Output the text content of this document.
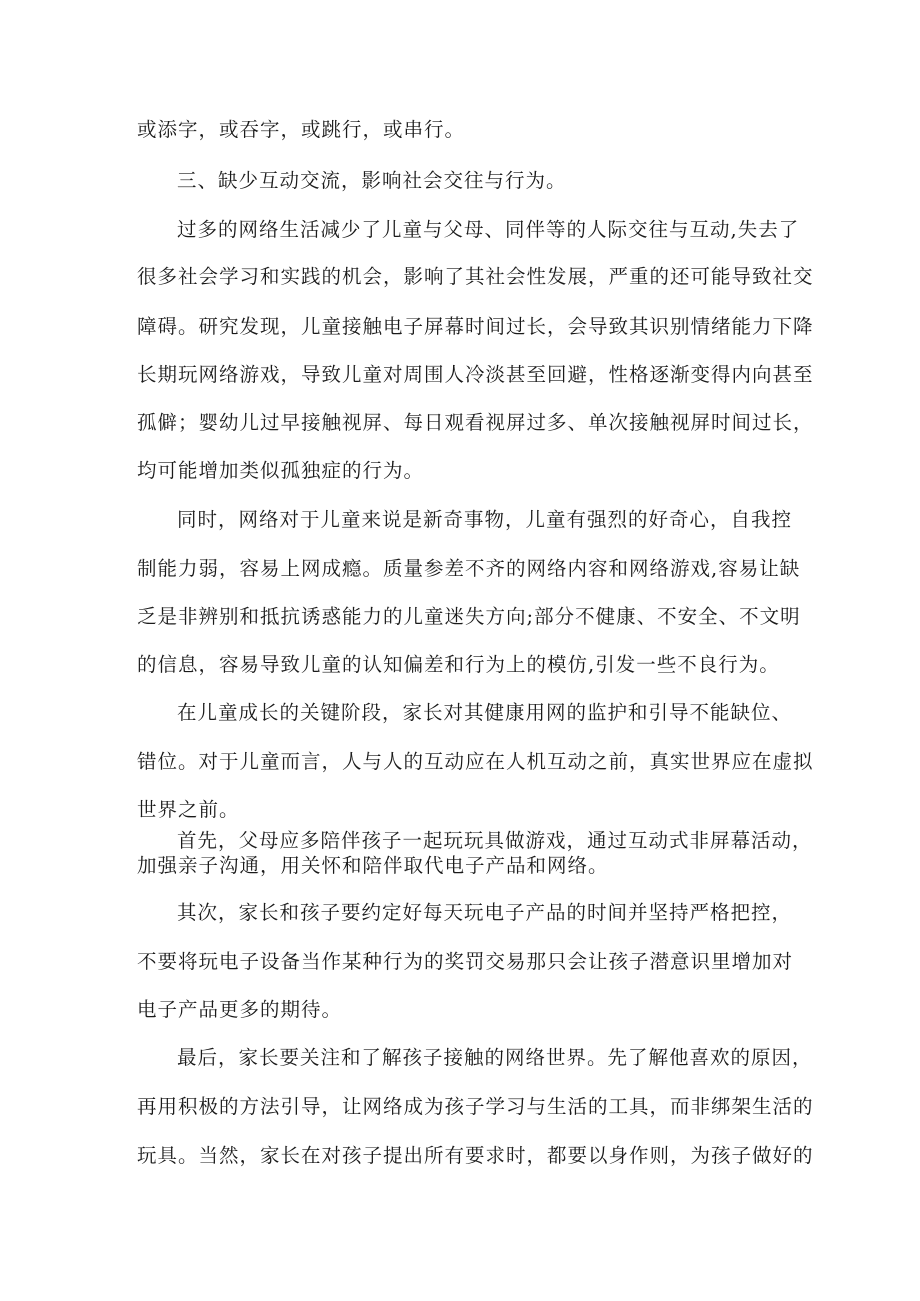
或添字，或吞字，或跳行，或串行。

三、缺少互动交流，影响社会交往与行为。

过多的网络生活减少了儿童与父母、同伴等的人际交往与互动,失去了

很多社会学习和实践的机会，影响了其社会性发展，严重的还可能导致社交

障碍。研究发现，儿童接触电子屏幕时间过长，会导致其识别情绪能力下降

长期玩网络游戏，导致儿童对周围人冷淡甚至回避，性格逐渐变得内向甚至

孤僻；婴幼儿过早接触视屏、每日观看视屏过多、单次接触视屏时间过长，

均可能增加类似孤独症的行为。

同时，网络对于儿童来说是新奇事物，儿童有强烈的好奇心，自我控

制能力弱，容易上网成瘾。质量参差不齐的网络内容和网络游戏,容易让缺

乏是非辨别和抵抗诱惑能力的儿童迷失方向;部分不健康、不安全、不文明

的信息，容易导致儿童的认知偏差和行为上的模仿,引发一些不良行为。

在儿童成长的关键阶段，家长对其健康用网的监护和引导不能缺位、

错位。对于儿童而言，人与人的互动应在人机互动之前，真实世界应在虚拟

世界之前。

首先，父母应多陪伴孩子一起玩玩具做游戏，通过互动式非屏幕活动，

加强亲子沟通，用关怀和陪伴取代电子产品和网络。

其次，家长和孩子要约定好每天玩电子产品的时间并坚持严格把控，

不要将玩电子设备当作某种行为的奖罚交易那只会让孩子潜意识里增加对

电子产品更多的期待。

最后，家长要关注和了解孩子接触的网络世界。先了解他喜欢的原因，

再用积极的方法引导，让网络成为孩子学习与生活的工具，而非绑架生活的

玩具。当然，家长在对孩子提出所有要求时，都要以身作则，为孩子做好的
